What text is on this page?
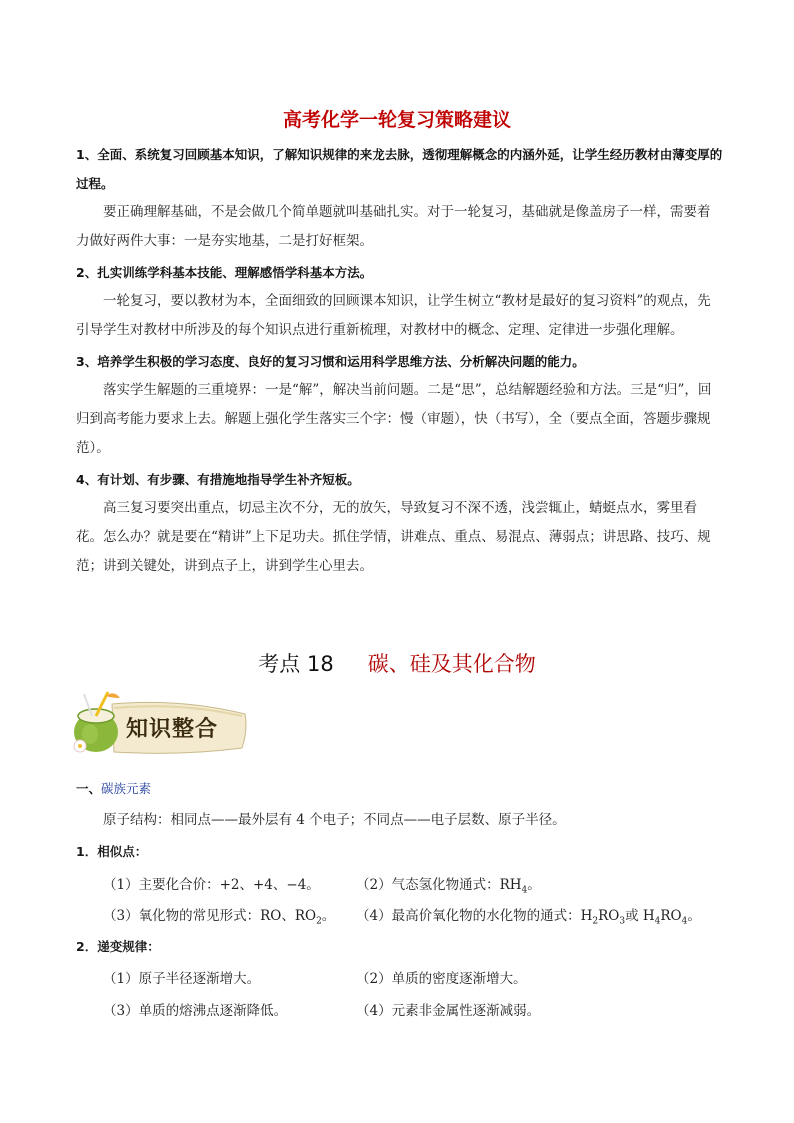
高考化学一轮复习策略建议
1、全面、系统复习回顾基本知识，了解知识规律的来龙去脉，透彻理解概念的内涵外延，让学生经历教材由薄变厚的过程。
要正确理解基础，不是会做几个简单题就叫基础扎实。对于一轮复习，基础就是像盖房子一样，需要着力做好两件大事：一是夯实地基，二是打好框架。
2、扎实训练学科基本技能、理解感悟学科基本方法。
一轮复习，要以教材为本，全面细致的回顾课本知识，让学生树立“教材是最好的复习资料”的观点，先引导学生对教材中所涉及的每个知识点进行重新梳理，对教材中的概念、定理、定律进一步强化理解。
3、培养学生积极的学习态度、良好的复习习惯和运用科学思维方法、分析解决问题的能力。
落实学生解题的三重境界：一是“解”，解决当前问题。二是“思”，总结解题经验和方法。三是“归”，回归到高考能力要求上去。解题上强化学生落实三个字：慢（审题），快（书写），全（要点全面，答题步骤规范）。
4、有计划、有步骤、有措施地指导学生补齐短板。
高三复习要突出重点，切忌主次不分，无的放矢，导致复习不深不透，浅尝辄止，蜻蜓点水，雾里看花。怎么办？就是要在“精讲”上下足功夫。抓住学情，讲难点、重点、易混点、薄弱点；讲思路、技巧、规范；讲到关键处，讲到点子上，讲到学生心里去。
考点 18 碳、硅及其化合物
知识整合
一、碳族元素
原子结构：相同点——最外层有 4 个电子；不同点——电子层数、原子半径。
1．相似点：
（1）主要化合价：+2、+4、−4。	（2）气态氢化物通式：$RH_4$。
（3）氧化物的常见形式：RO、$RO_2$。 （4）最高价氧化物的水化物的通式：$H_2RO_3$或 $H_4RO_4$。
2．递变规律：
（1）原子半径逐渐增大。	（2）单质的密度逐渐增大。
（3）单质的熔沸点逐渐降低。	（4）元素非金属性逐渐减弱。
